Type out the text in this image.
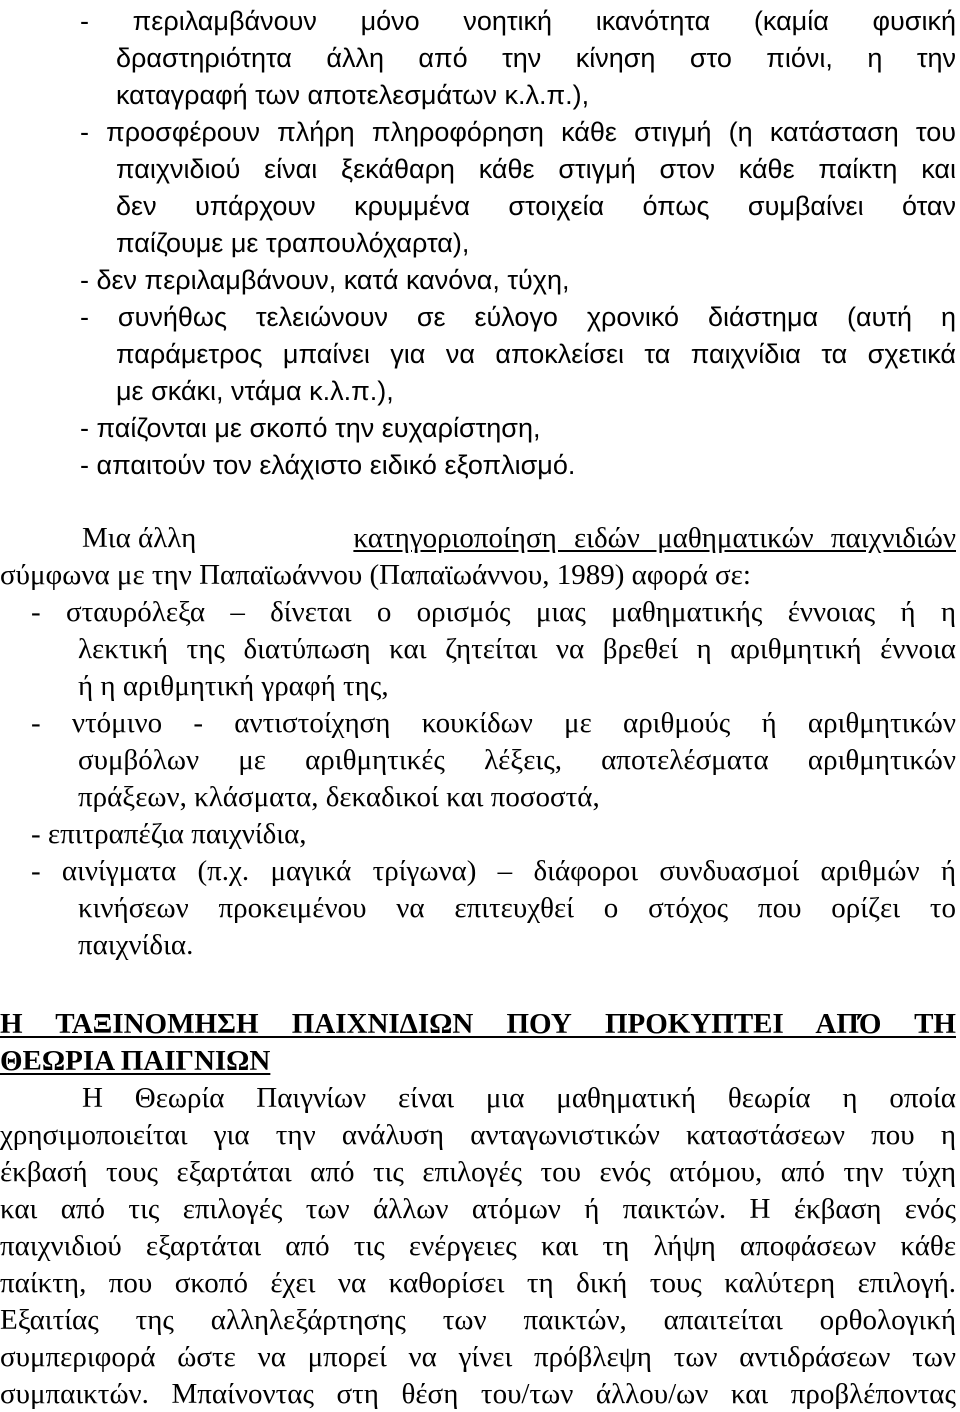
- περιλαμβάνουν μόνο νοητική ικανότητα (καμία φυσική
δραστηριότητα άλλη από την κίνηση στο πιόνι, η την
καταγραφή των αποτελεσμάτων κ.λ.π.),
- προσφέρουν πλήρη πληροφόρηση κάθε στιγμή (η κατάσταση του
παιχνιδιού είναι ξεκάθαρη κάθε στιγμή στον κάθε παίκτη και
δεν υπάρχουν κρυμμένα στοιχεία όπως συμβαίνει όταν
παίζουμε με τραπουλόχαρτα),
- δεν περιλαμβάνουν, κατά κανόνα, τύχη,
- συνήθως τελειώνουν σε εύλογο χρονικό διάστημα (αυτή η
παράμετρος μπαίνει για να αποκλείσει τα παιχνίδια τα σχετικά
με σκάκι, ντάμα κ.λ.π.),
- παίζονται με σκοπό την ευχαρίστηση,
- απαιτούν τον ελάχιστο ειδικό εξοπλισμό.
Μια άλλη	κατηγοριοποίηση ειδών μαθηματικών παιχνιδιών
σύμφωνα με την Παπαϊωάννου (Παπαϊωάννου, 1989) αφορά σε:
- σταυρόλεξα – δίνεται ο ορισμός μιας μαθηματικής έννοιας ή η
λεκτική της διατύπωση και ζητείται να βρεθεί η αριθμητική έννοια
ή η αριθμητική γραφή της,
- ντόμινο - αντιστοίχηση κουκίδων με αριθμούς ή αριθμητικών
συμβόλων με αριθμητικές λέξεις, αποτελέσματα αριθμητικών
πράξεων, κλάσματα, δεκαδικοί και ποσοστά,
- επιτραπέζια παιχνίδια,
- αινίγματα (π.χ. μαγικά τρίγωνα) – διάφοροι συνδυασμοί αριθμών ή
κινήσεων προκειμένου να επιτευχθεί ο στόχος που ορίζει το
παιχνίδια.
Η ΤΑΞΙΝΟΜΗΣΗ ΠΑΙΧΝΙΔΙΩΝ ΠΟΥ ΠΡΟΚΥΠΤΕΙ ΑΠΌ ΤΗ
ΘΕΩΡΙΑ ΠΑΙΓΝΙΩΝ
Η Θεωρία Παιγνίων είναι μια μαθηματική θεωρία η οποία
χρησιμοποιείται για την ανάλυση ανταγωνιστικών καταστάσεων που η
έκβασή τους εξαρτάται από τις επιλογές του ενός ατόμου, από την τύχη
και από τις επιλογές των άλλων ατόμων ή παικτών. Η έκβαση ενός
παιχνιδιού εξαρτάται από τις ενέργειες και τη λήψη αποφάσεων κάθε
παίκτη, που σκοπό έχει να καθορίσει τη δική τους καλύτερη επιλογή.
Εξαιτίας της αλληλεξάρτησης των παικτών, απαιτείται ορθολογική
συμπεριφορά ώστε να μπορεί να γίνει πρόβλεψη των αντιδράσεων των
συμπαικτών. Μπαίνοντας στη θέση του/των άλλου/ων και προβλέποντας
